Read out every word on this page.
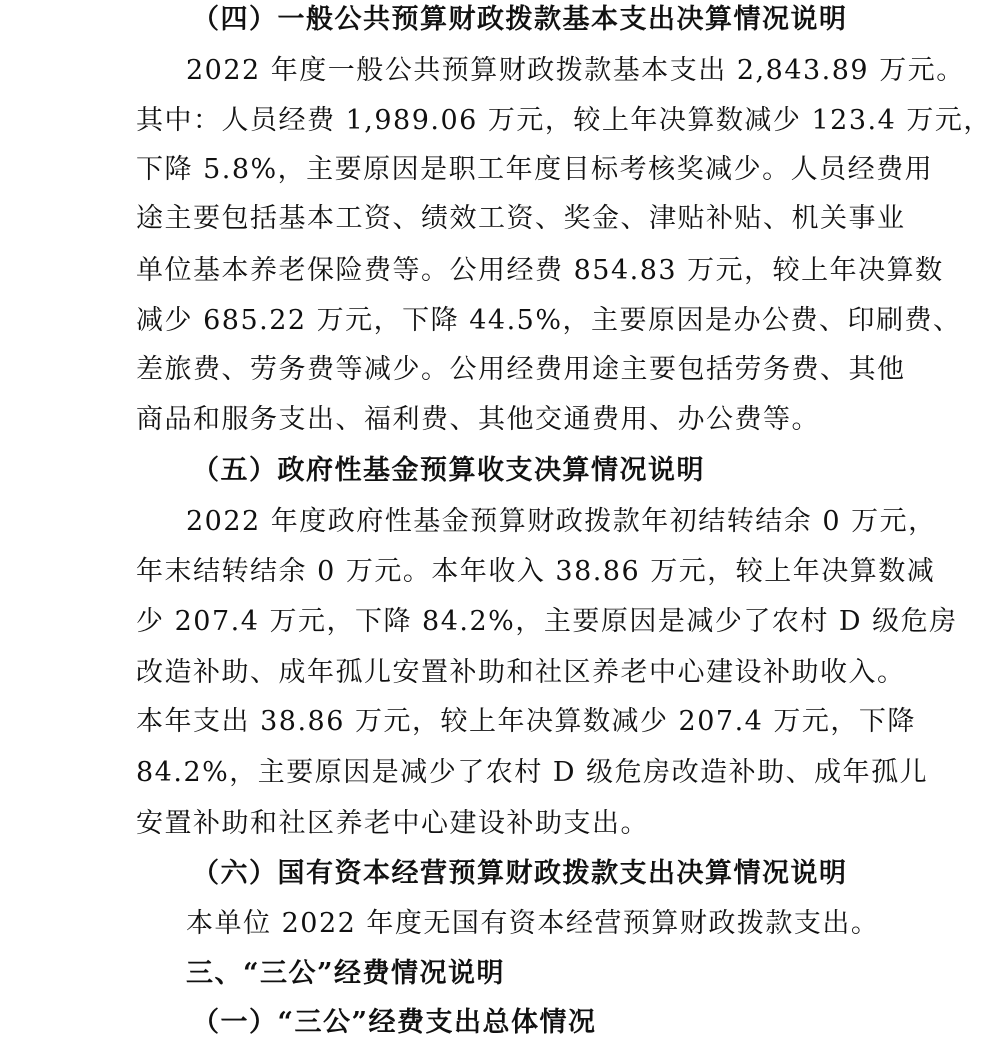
（四）一般公共预算财政拨款基本支出决算情况说明
2022 年度一般公共预算财政拨款基本支出 2,843.89 万元。
其中：人员经费 1,989.06 万元，较上年决算数减少 123.4 万元，
下降 5.8%，主要原因是职工年度目标考核奖减少。人员经费用
途主要包括基本工资、绩效工资、奖金、津贴补贴、机关事业
单位基本养老保险费等。公用经费 854.83 万元，较上年决算数
减少 685.22 万元，下降 44.5%，主要原因是办公费、印刷费、
差旅费、劳务费等减少。公用经费用途主要包括劳务费、其他
商品和服务支出、福利费、其他交通费用、办公费等。
（五）政府性基金预算收支决算情况说明
2022 年度政府性基金预算财政拨款年初结转结余 0 万元，
年末结转结余 0 万元。本年收入 38.86 万元，较上年决算数减
少 207.4 万元，下降 84.2%，主要原因是减少了农村 D 级危房
改造补助、成年孤儿安置补助和社区养老中心建设补助收入。
本年支出 38.86 万元，较上年决算数减少 207.4 万元，下降
84.2%，主要原因是减少了农村 D 级危房改造补助、成年孤儿
安置补助和社区养老中心建设补助支出。
（六）国有资本经营预算财政拨款支出决算情况说明
本单位 2022 年度无国有资本经营预算财政拨款支出。
三、“三公”经费情况说明
（一）“三公”经费支出总体情况
